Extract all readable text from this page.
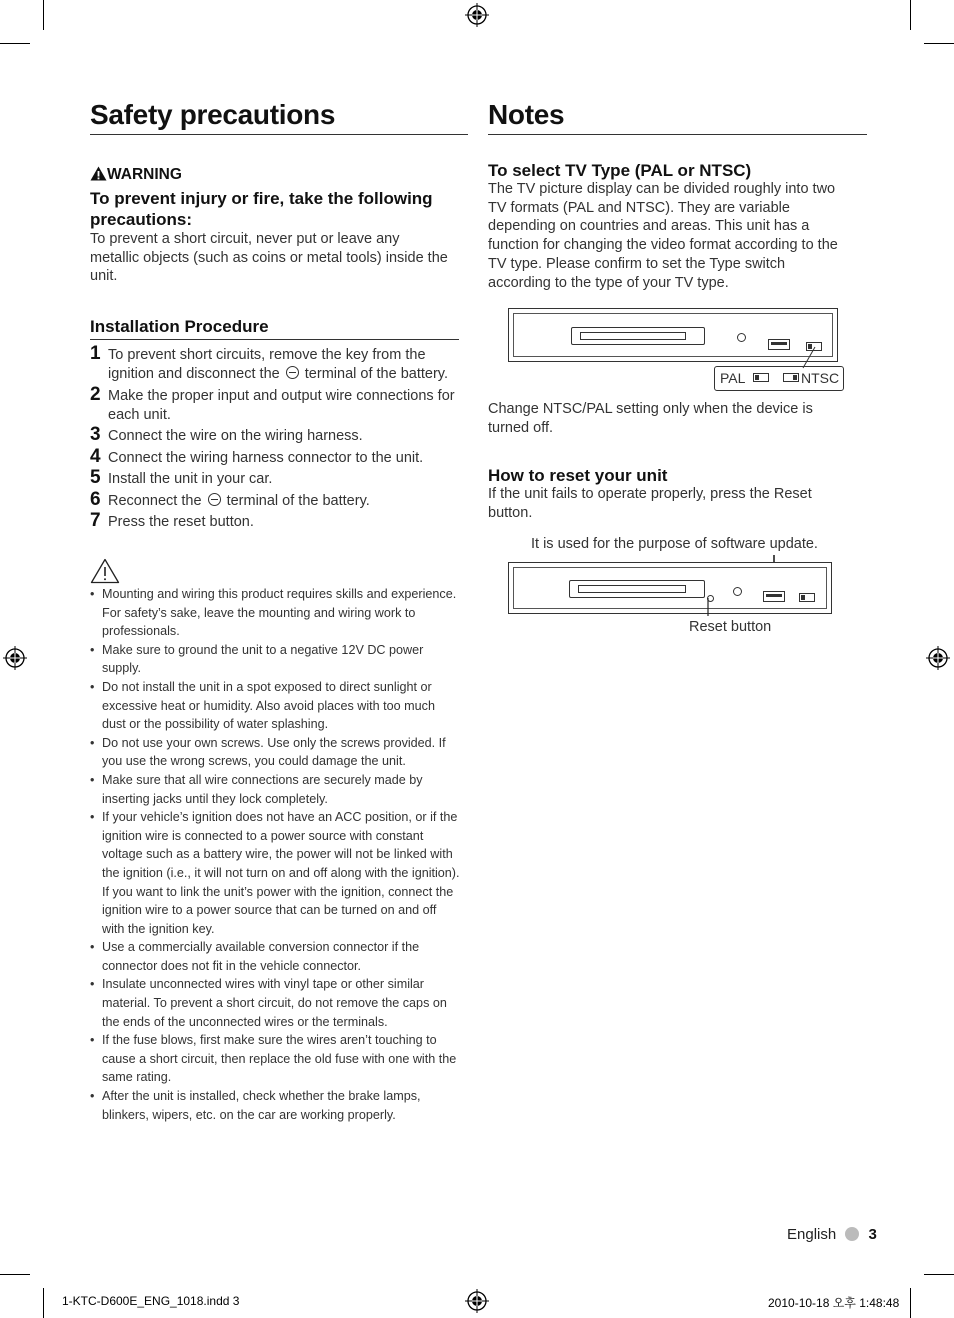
Safety precautions
WARNING
To prevent injury or fire, take the following precautions:
To prevent a short circuit, never put or leave any metallic objects (such as coins or metal tools) inside the unit.
Installation Procedure
1 To prevent short circuits, remove the key from the ignition and disconnect the terminal of the battery.
2 Make the proper input and output wire connections for each unit.
3 Connect the wire on the wiring harness.
4 Connect the wiring harness connector to the unit.
5 Install the unit in your car.
6 Reconnect the terminal of the battery.
7 Press the reset button.
• Mounting and wiring this product requires skills and experience. For safety’s sake, leave the mounting and wiring work to professionals.
• Make sure to ground the unit to a negative 12V DC power supply.
• Do not install the unit in a spot exposed to direct sunlight or excessive heat or humidity. Also avoid places with too much dust or the possibility of water splashing.
• Do not use your own screws. Use only the screws provided. If you use the wrong screws, you could damage the unit.
• Make sure that all wire connections are securely made by inserting jacks until they lock completely.
• If your vehicle’s ignition does not have an ACC position, or if the ignition wire is connected to a power source with constant voltage such as a battery wire, the power will not be linked with the ignition (i.e., it will not turn on and off along with the ignition). If you want to link the unit’s power with the ignition, connect the ignition wire to a power source that can be turned on and off with the ignition key.
• Use a commercially available conversion connector if the connector does not fit in the vehicle connector.
• Insulate unconnected wires with vinyl tape or other similar material. To prevent a short circuit, do not remove the caps on the ends of the unconnected wires or the terminals.
• If the fuse blows, first make sure the wires aren’t touching to cause a short circuit, then replace the old fuse with one with the same rating.
• After the unit is installed, check whether the brake lamps, blinkers, wipers, etc. on the car are working properly.
Notes
To select TV Type (PAL or NTSC)
The TV picture display can be divided roughly into two TV formats (PAL and NTSC). They are variable depending on countries and areas. This unit has a function for changing the video format according to the TV type. Please confirm to set the Type switch according to the type of your TV type.
PAL	NTSC
Change NTSC/PAL setting only when the device is turned off.
How to reset your unit
If the unit fails to operate properly, press the Reset button.
It is used for the purpose of software update.
Reset button
English 3
1-KTC-D600E_ENG_1018.indd 3	2010-10-18 오후 1:48:48
